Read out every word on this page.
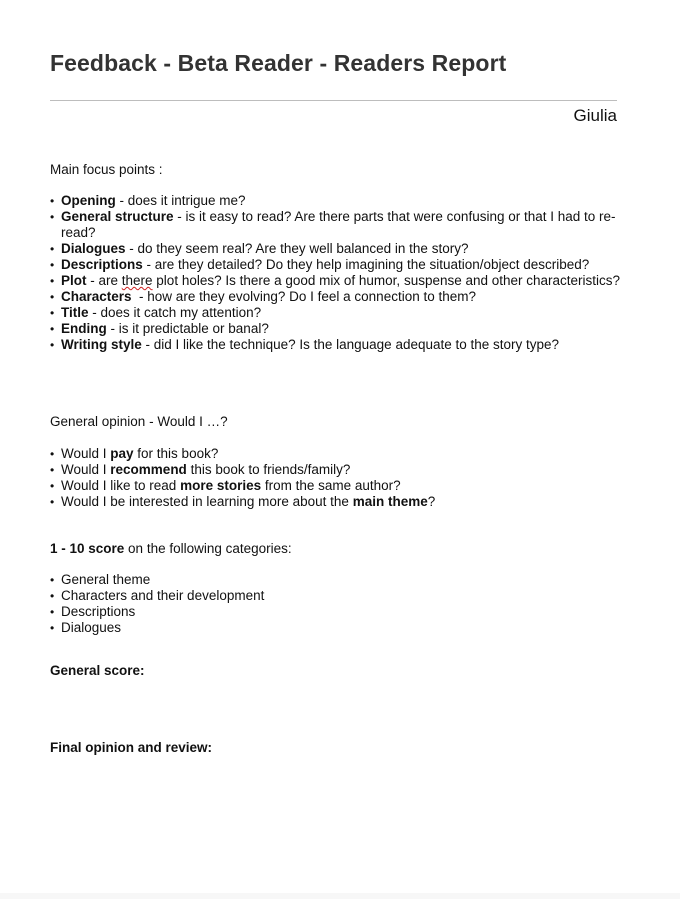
Feedback - Beta Reader - Readers Report
Giulia

Main focus points :

• Opening - does it intrigue me?
• General structure - is it easy to read? Are there parts that were confusing or that I had to re-read?
• Dialogues - do they seem real? Are they well balanced in the story?
• Descriptions - are they detailed? Do they help imagining the situation/object described?
• Plot - are there plot holes? Is there a good mix of humor, suspense and other characteristics?
• Characters  - how are they evolving? Do I feel a connection to them?
• Title - does it catch my attention?
• Ending - is it predictable or banal?
• Writing style - did I like the technique? Is the language adequate to the story type?

General opinion - Would I …?

• Would I pay for this book?
• Would I recommend this book to friends/family?
• Would I like to read more stories from the same author?
• Would I be interested in learning more about the main theme?

1 - 10 score on the following categories:

• General theme
• Characters and their development
• Descriptions
• Dialogues

General score:

Final opinion and review:
